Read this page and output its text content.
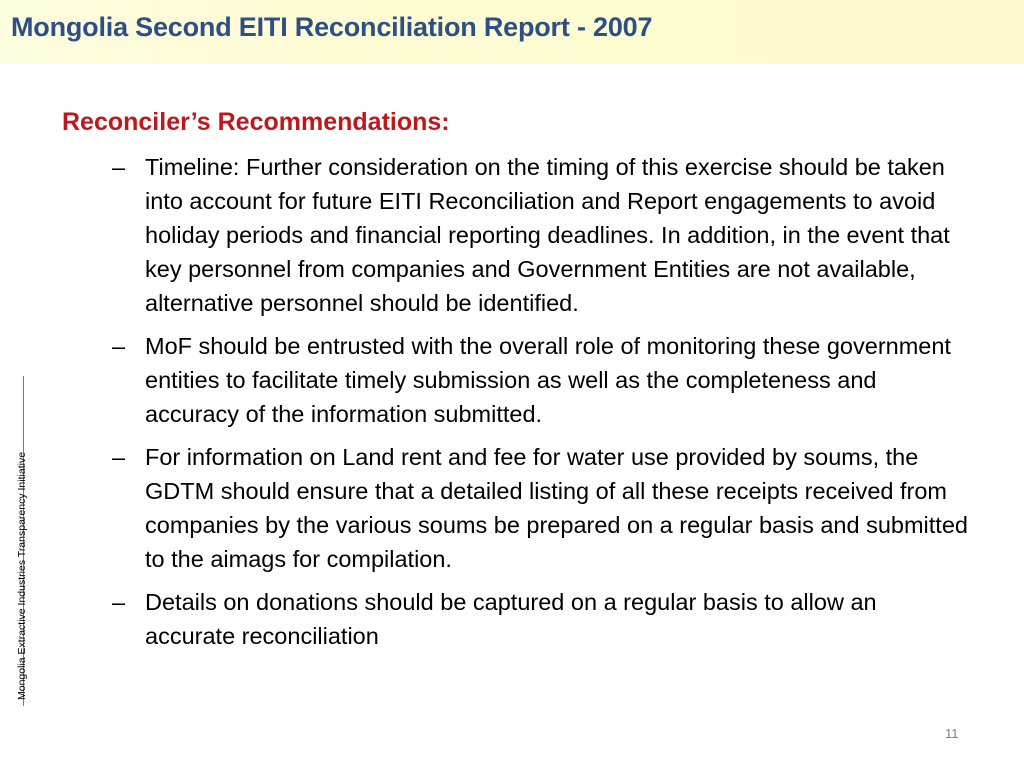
Mongolia Second EITI Reconciliation Report - 2007
Mongolia Extractive Industries Transparency Initiative
Reconciler’s Recommendations:
– Timeline: Further consideration on the timing of this exercise should be taken into account for future EITI Reconciliation and Report engagements to avoid holiday periods and financial reporting deadlines. In addition, in the event that key personnel from companies and Government Entities are not available, alternative personnel should be identified.
– MoF should be entrusted with the overall role of monitoring these government entities to facilitate timely submission as well as the completeness and accuracy of the information submitted.
– For information on Land rent and fee for water use provided by soums, the GDTM should ensure that a detailed listing of all these receipts received from companies by the various soums be prepared on a regular basis and submitted to the aimags for compilation.
– Details on donations should be captured on a regular basis to allow an accurate reconciliation
11
